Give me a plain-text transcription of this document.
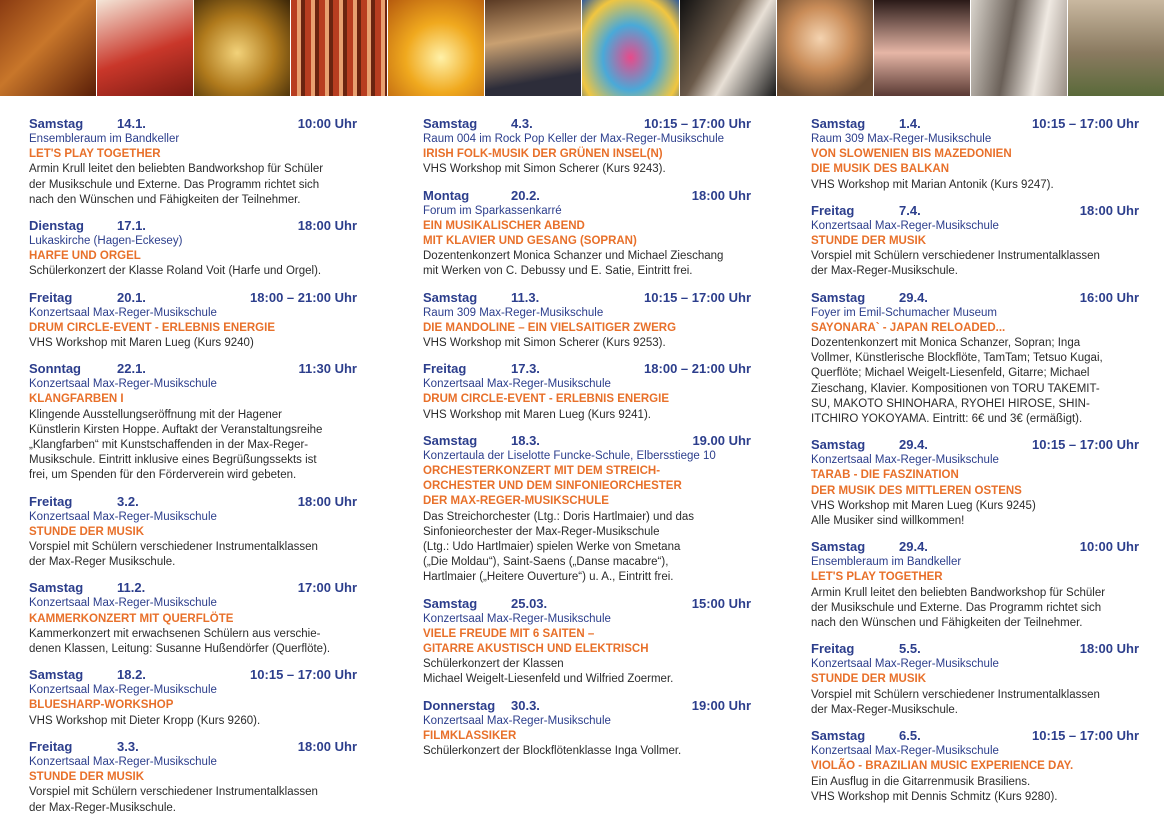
Samstag	14.1.	10:00 Uhr
Ensembleraum im Bandkeller
LET'S PLAY TOGETHER
Armin Krull leitet den beliebten Bandworkshop für Schüler
der Musikschule und Externe. Das Programm richtet sich
nach den Wünschen und Fähigkeiten der Teilnehmer.
Dienstag	17.1.	18:00 Uhr
Lukaskirche (Hagen-Eckesey)
HARFE UND ORGEL
Schülerkonzert der Klasse Roland Voit (Harfe und Orgel).
Freitag	20.1.	18:00 – 21:00 Uhr
Konzertsaal Max-Reger-Musikschule
DRUM CIRCLE-EVENT - ERLEBNIS ENERGIE
VHS Workshop mit Maren Lueg (Kurs 9240)
Sonntag	22.1.	11:30 Uhr
Konzertsaal Max-Reger-Musikschule
KLANGFARBEN I
Klingende Ausstellungseröffnung mit der Hagener
Künstlerin Kirsten Hoppe. Auftakt der Veranstaltungsreihe
„Klangfarben“ mit Kunstschaffenden in der Max-Reger-
Musikschule. Eintritt inklusive eines Begrüßungssekts ist
frei, um Spenden für den Förderverein wird gebeten.
Freitag	3.2.	18:00 Uhr
Konzertsaal Max-Reger-Musikschule
STUNDE DER MUSIK
Vorspiel mit Schülern verschiedener Instrumentalklassen
der Max-Reger Musikschule.
Samstag	11.2.	17:00 Uhr
Konzertsaal Max-Reger-Musikschule
KAMMERKONZERT MIT QUERFLÖTE
Kammerkonzert mit erwachsenen Schülern aus verschie-
denen Klassen, Leitung: Susanne Hußendörfer (Querflöte).
Samstag	18.2.	10:15 – 17:00 Uhr
Konzertsaal Max-Reger-Musikschule
BLUESHARP-WORKSHOP
VHS Workshop mit Dieter Kropp (Kurs 9260).
Freitag	3.3.	18:00 Uhr
Konzertsaal Max-Reger-Musikschule
STUNDE DER MUSIK
Vorspiel mit Schülern verschiedener Instrumentalklassen
der Max-Reger-Musikschule.
Samstag	4.3.	10:15 – 17:00 Uhr
Raum 004 im Rock Pop Keller der Max-Reger-Musikschule
IRISH FOLK-MUSIK DER GRÜNEN INSEL(N)
VHS Workshop mit Simon Scherer (Kurs 9243).
Montag	20.2.	18:00 Uhr
Forum im Sparkassenkarré
EIN MUSIKALISCHER ABEND
MIT KLAVIER UND GESANG (SOPRAN)
Dozentenkonzert Monica Schanzer und Michael Zieschang
mit Werken von C. Debussy und E. Satie, Eintritt frei.
Samstag	11.3.	10:15 – 17:00 Uhr
Raum 309 Max-Reger-Musikschule
DIE MANDOLINE – EIN VIELSAITIGER ZWERG
VHS Workshop mit Simon Scherer (Kurs 9253).
Freitag	17.3.	18:00 – 21:00 Uhr
Konzertsaal Max-Reger-Musikschule
DRUM CIRCLE-EVENT - ERLEBNIS ENERGIE
VHS Workshop mit Maren Lueg (Kurs 9241).
Samstag	18.3.	19.00 Uhr
Konzertaula der Liselotte Funcke-Schule, Elbersstiege 10
ORCHESTERKONZERT MIT DEM STREICH-
ORCHESTER UND DEM SINFONIEORCHESTER
DER MAX-REGER-MUSIKSCHULE
Das Streichorchester (Ltg.: Doris Hartlmaier) und das
Sinfonieorchester der Max-Reger-Musikschule
(Ltg.: Udo Hartlmaier) spielen Werke von Smetana
(„Die Moldau“), Saint-Saens („Danse macabre“),
Hartlmaier („Heitere Ouverture“) u. A., Eintritt frei.
Samstag	25.03.	15:00 Uhr
Konzertsaal Max-Reger-Musikschule
VIELE FREUDE MIT 6 SAITEN –
GITARRE AKUSTISCH UND ELEKTRISCH
Schülerkonzert der Klassen
Michael Weigelt-Liesenfeld und Wilfried Zoermer.
Donnerstag	30.3.	19:00 Uhr
Konzertsaal Max-Reger-Musikschule
FILMKLASSIKER
Schülerkonzert der Blockflötenklasse Inga Vollmer.
Samstag	1.4.	10:15 – 17:00 Uhr
Raum 309 Max-Reger-Musikschule
VON SLOWENIEN BIS MAZEDONIEN
DIE MUSIK DES BALKAN
VHS Workshop mit Marian Antonik (Kurs 9247).
Freitag	7.4.	18:00 Uhr
Konzertsaal Max-Reger-Musikschule
STUNDE DER MUSIK
Vorspiel mit Schülern verschiedener Instrumentalklassen
der Max-Reger-Musikschule.
Samstag	29.4.	16:00 Uhr
Foyer im Emil-Schumacher Museum
SAYONARA` - JAPAN RELOADED...
Dozentenkonzert mit Monica Schanzer, Sopran; Inga
Vollmer, Künstlerische Blockflöte, TamTam; Tetsuo Kugai,
Querflöte; Michael Weigelt-Liesenfeld, Gitarre; Michael
Zieschang, Klavier. Kompositionen von TORU TAKEMIT-
SU, MAKOTO SHINOHARA, RYOHEI HIROSE, SHIN-
ITCHIRO YOKOYAMA. Eintritt: 6€ und 3€ (ermäßigt).
Samstag	29.4.	10:15 – 17:00 Uhr
Konzertsaal Max-Reger-Musikschule
TARAB - DIE FASZINATION
DER MUSIK DES MITTLEREN OSTENS
VHS Workshop mit Maren Lueg (Kurs 9245)
Alle Musiker sind willkommen!
Samstag	29.4.	10:00 Uhr
Ensembleraum im Bandkeller
LET'S PLAY TOGETHER
Armin Krull leitet den beliebten Bandworkshop für Schüler
der Musikschule und Externe. Das Programm richtet sich
nach den Wünschen und Fähigkeiten der Teilnehmer.
Freitag	5.5.	18:00 Uhr
Konzertsaal Max-Reger-Musikschule
STUNDE DER MUSIK
Vorspiel mit Schülern verschiedener Instrumentalklassen
der Max-Reger-Musikschule.
Samstag	6.5.	10:15 – 17:00 Uhr
Konzertsaal Max-Reger-Musikschule
VIOLÃO - BRAZILIAN MUSIC EXPERIENCE DAY.
Ein Ausflug in die Gitarrenmusik Brasiliens.
VHS Workshop mit Dennis Schmitz (Kurs 9280).
